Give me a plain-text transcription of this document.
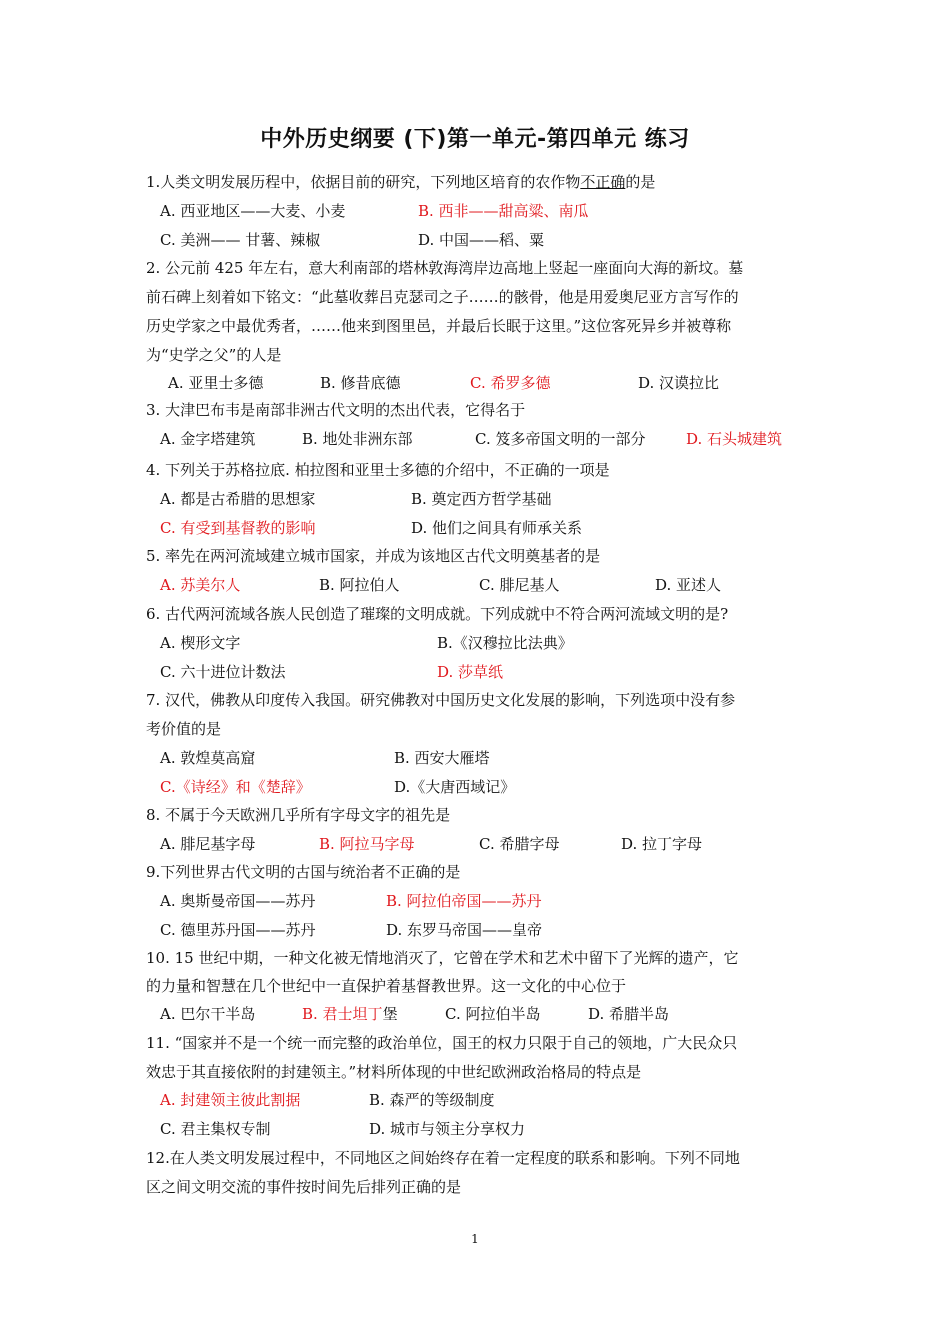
中外历史纲要 (下)第一单元-第四单元 练习
1.人类文明发展历程中，依据目前的研究，下列地区培育的农作物不正确的是
A. 西亚地区——大麦、小麦	B. 西非——甜高粱、南瓜
C. 美洲—— 甘薯、辣椒	D. 中国——稻、粟
2. 公元前 425 年左右，意大利南部的塔林敦海湾岸边高地上竖起一座面向大海的新坟。墓
前石碑上刻着如下铭文：“此墓收葬吕克瑟司之子……的骸骨，他是用爱奥尼亚方言写作的
历史学家之中最优秀者，……他来到图里邑，并最后长眠于这里。”这位客死异乡并被尊称
为“史学之父”的人是
A. 亚里士多德	B. 修昔底德	C. 希罗多德	D. 汉谟拉比
3. 大津巴布韦是南部非洲古代文明的杰出代表，它得名于
A. 金字塔建筑	B. 地处非洲东部	C. 笈多帝国文明的一部分	D. 石头城建筑
4. 下列关于苏格拉底. 柏拉图和亚里士多德的介绍中，不正确的一项是
A. 都是古希腊的思想家	B. 奠定西方哲学基础
C. 有受到基督教的影响	D. 他们之间具有师承关系
5. 率先在两河流域建立城市国家，并成为该地区古代文明奠基者的是
A. 苏美尔人	B. 阿拉伯人	C. 腓尼基人	D. 亚述人
6. 古代两河流域各族人民创造了璀璨的文明成就。下列成就中不符合两河流域文明的是?
A. 楔形文字	B.《汉穆拉比法典》
C. 六十进位计数法	D. 莎草纸
7. 汉代，佛教从印度传入我国。研究佛教对中国历史文化发展的影响，下列选项中没有参
考价值的是
A. 敦煌莫高窟	B. 西安大雁塔
C.《诗经》和《楚辞》	D.《大唐西域记》
8. 不属于今天欧洲几乎所有字母文字的祖先是
A. 腓尼基字母	B. 阿拉马字母	C. 希腊字母	D. 拉丁字母
9.下列世界古代文明的古国与统治者不正确的是
A. 奥斯曼帝国——苏丹	B. 阿拉伯帝国——苏丹
C. 德里苏丹国——苏丹	D. 东罗马帝国——皇帝
10. 15 世纪中期，一种文化被无情地消灭了，它曾在学术和艺术中留下了光辉的遗产，它
的力量和智慧在几个世纪中一直保护着基督教世界。这一文化的中心位于
A. 巴尔干半岛	B. 君士坦丁堡	C. 阿拉伯半岛	D. 希腊半岛
11. “国家并不是一个统一而完整的政治单位，国王的权力只限于自己的领地，广大民众只
效忠于其直接依附的封建领主。”材料所体现的中世纪欧洲政治格局的特点是
A. 封建领主彼此割据	B. 森严的等级制度
C. 君主集权专制	D. 城市与领主分享权力
12.在人类文明发展过程中，不同地区之间始终存在着一定程度的联系和影响。下列不同地
区之间文明交流的事件按时间先后排列正确的是
1
